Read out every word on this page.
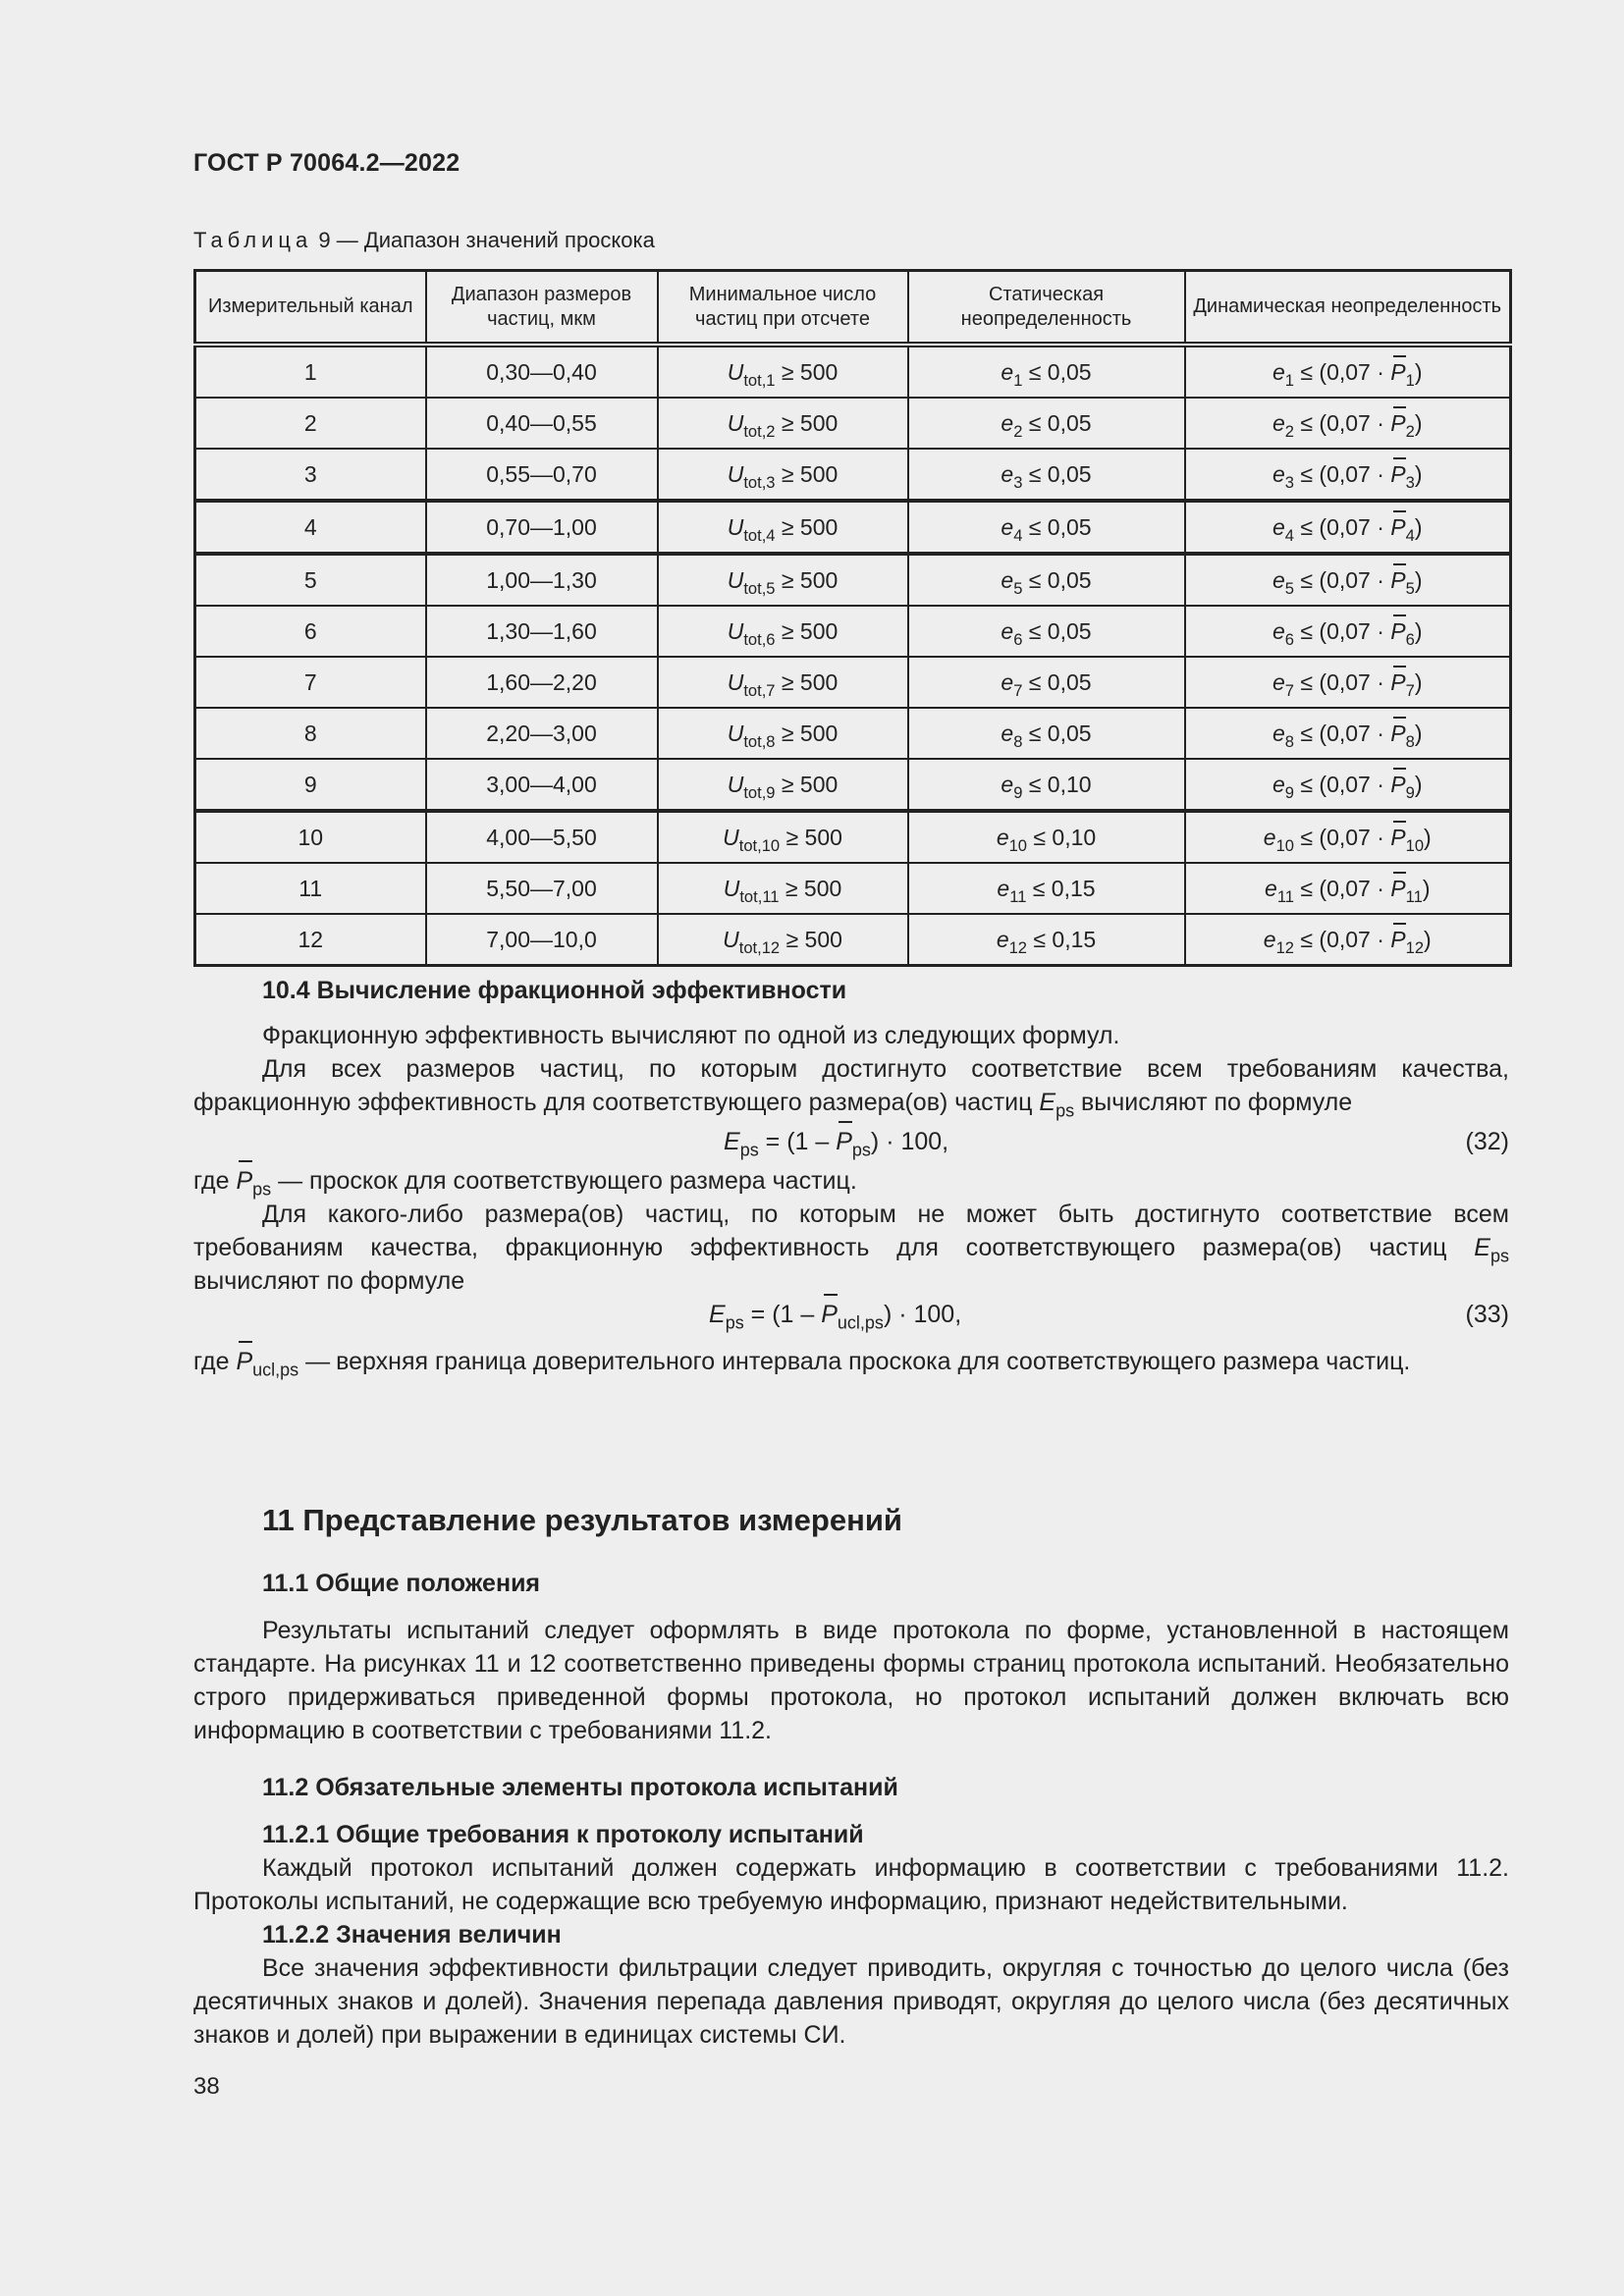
ГОСТ Р 70064.2—2022
Таблица 9 — Диапазон значений проскока
Измерительный канал	Диапазон размеров частиц, мкм	Минимальное число частиц при отсчете	Статическая неопределенность	Динамическая неопределенность
1	0,30—0,40	$U_{tot,1} \ge 500$	$e_1 \le 0,05$	$e_1 \le (0,07 \cdot P_1)$
2	0,40—0,55	$U_{tot,2} \ge 500$	$e_2 \le 0,05$	$e_2 \le (0,07 \cdot P_2)$
3	0,55—0,70	$U_{tot,3} \ge 500$	$e_3 \le 0,05$	$e_3 \le (0,07 \cdot P_3)$
4	0,70—1,00	$U_{tot,4} \ge 500$	$e_4 \le 0,05$	$e_4 \le (0,07 \cdot P_4)$
5	1,00—1,30	$U_{tot,5} \ge 500$	$e_5 \le 0,05$	$e_5 \le (0,07 \cdot P_5)$
6	1,30—1,60	$U_{tot,6} \ge 500$	$e_6 \le 0,05$	$e_6 \le (0,07 \cdot P_6)$
7	1,60—2,20	$U_{tot,7} \ge 500$	$e_7 \le 0,05$	$e_7 \le (0,07 \cdot P_7)$
8	2,20—3,00	$U_{tot,8} \ge 500$	$e_8 \le 0,05$	$e_8 \le (0,07 \cdot P_8)$
9	3,00—4,00	$U_{tot,9} \ge 500$	$e_9 \le 0,10$	$e_9 \le (0,07 \cdot P_9)$
10	4,00—5,50	$U_{tot,10} \ge 500$	$e_{10} \le 0,10$	$e_{10} \le (0,07 \cdot P_{10})$
11	5,50—7,00	$U_{tot,11} \ge 500$	$e_{11} \le 0,15$	$e_{11} \le (0,07 \cdot P_{11})$
12	7,00—10,0	$U_{tot,12} \ge 500$	$e_{12} \le 0,15$	$e_{12} \le (0,07 \cdot P_{12})$
10.4 Вычисление фракционной эффективности
Фракционную эффективность вычисляют по одной из следующих формул.
Для всех размеров частиц, по которым достигнуто соответствие всем требованиям качества,
фракционную эффективность для соответствующего размера(ов) частиц $E_{ps}$ вычисляют по формуле
$E_{ps} = (1 - P_{ps}) \cdot 100$,	(32)
где $P_{ps}$ — проскок для соответствующего размера частиц.
Для какого-либо размера(ов) частиц, по которым не может быть достигнуто соответствие всем
требованиям качества, фракционную эффективность для соответствующего размера(ов) частиц $E_{ps}$
вычисляют по формуле
$E_{ps} = (1 - P_{ucl,ps}) \cdot 100$,	(33)
где $P_{ucl,ps}$ — верхняя граница доверительного интервала проскока для соответствующего размера частиц.
11 Представление результатов измерений
11.1 Общие положения
Результаты испытаний следует оформлять в виде протокола по форме, установленной в настоящем стандарте. На рисунках 11 и 12 соответственно приведены формы страниц протокола испытаний. Необязательно строго придерживаться приведенной формы протокола, но протокол испытаний должен включать всю информацию в соответствии с требованиями 11.2.
11.2 Обязательные элементы протокола испытаний
11.2.1 Общие требования к протоколу испытаний
Каждый протокол испытаний должен содержать информацию в соответствии с требованиями 11.2. Протоколы испытаний, не содержащие всю требуемую информацию, признают недействительными.
11.2.2 Значения величин
Все значения эффективности фильтрации следует приводить, округляя с точностью до целого числа (без десятичных знаков и долей). Значения перепада давления приводят, округляя до целого числа (без десятичных знаков и долей) при выражении в единицах системы СИ.
38
